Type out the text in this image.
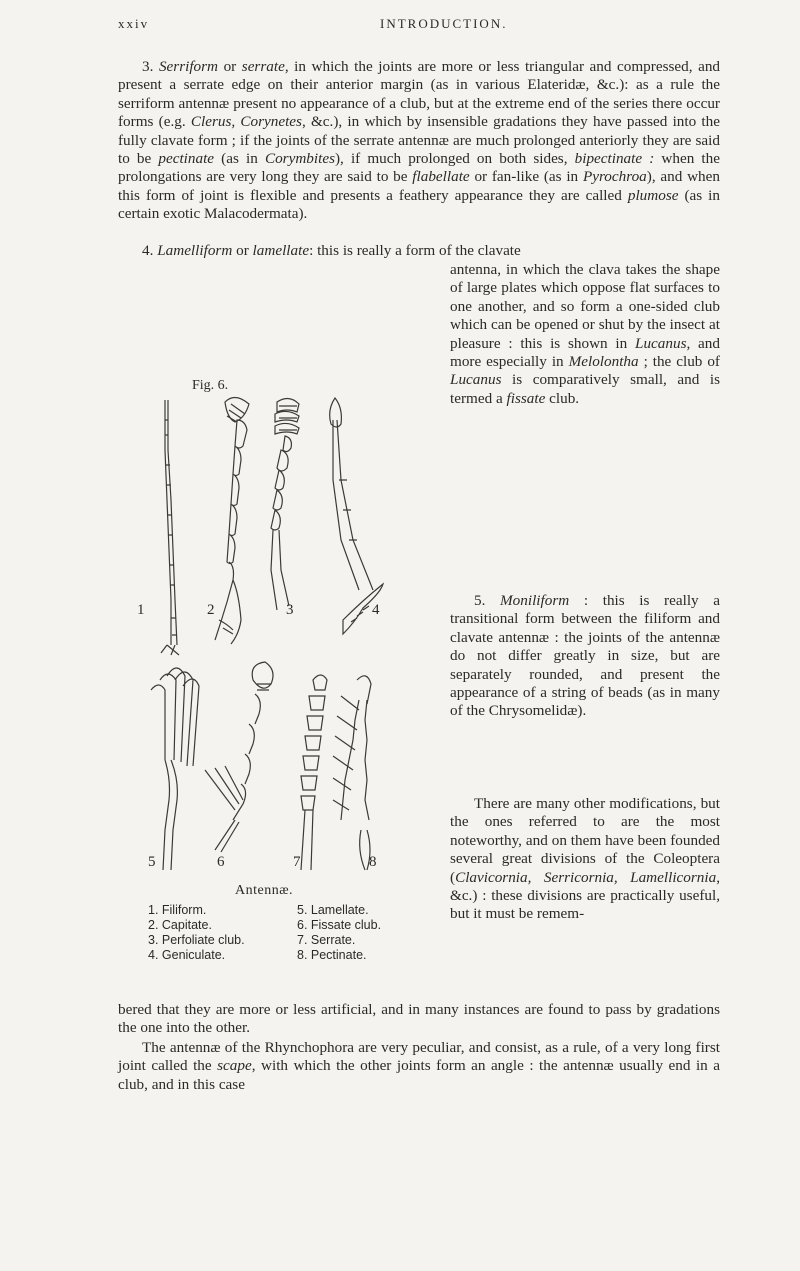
xxiv	INTRODUCTION.
3. Serriform or serrate, in which the joints are more or less triangular and compressed, and present a serrate edge on their anterior margin (as in various Elateridæ, &c.): as a rule the serriform antennæ present no appearance of a club, but at the extreme end of the series there occur forms (e.g. Clerus, Corynetes, &c.), in which by insensible gradations they have passed into the fully clavate form ; if the joints of the serrate antennæ are much prolonged anteriorly they are said to be pectinate (as in Corymbites), if much prolonged on both sides, bipectinate : when the prolongations are very long they are said to be flabellate or fan-like (as in Pyrochroa), and when this form of joint is flexible and presents a feathery appearance they are called plumose (as in certain exotic Malacodermata).
4. Lamelliform or lamellate: this is really a form of the clavate
antenna, in which the clava takes the shape of large plates which oppose flat surfaces to one another, and so form a one-sided club which can be opened or shut by the insect at pleasure : this is shown in Lucanus, and more especially in Melolontha ; the club of Lucanus is comparatively small, and is termed a fissate club.
5. Moniliform : this is really a transitional form between the filiform and clavate antennæ : the joints of the antennæ do not differ greatly in size, but are separately rounded, and present the appearance of a string of beads (as in many of the Chrysomelidæ).
There are many other modifications, but the ones referred to are the most noteworthy, and on them have been founded several great divisions of the Coleoptera (Clavicornia, Serricornia, Lamellicornia, &c.) : these divisions are practically useful, but it must be remem-
bered that they are more or less artificial, and in many instances are found to pass by gradations the one into the other.
The antennæ of the Rhynchophora are very peculiar, and consist, as a rule, of a very long first joint called the scape, with which the other joints form an angle : the antennæ usually end in a club, and in this case
Fig. 6.
1	2	3	4
5	6	7	8
Antennæ.
1. Filiform.
2. Capitate.
3. Perfoliate club.
4. Geniculate.
5. Lamellate.
6. Fissate club.
7. Serrate.
8. Pectinate.
